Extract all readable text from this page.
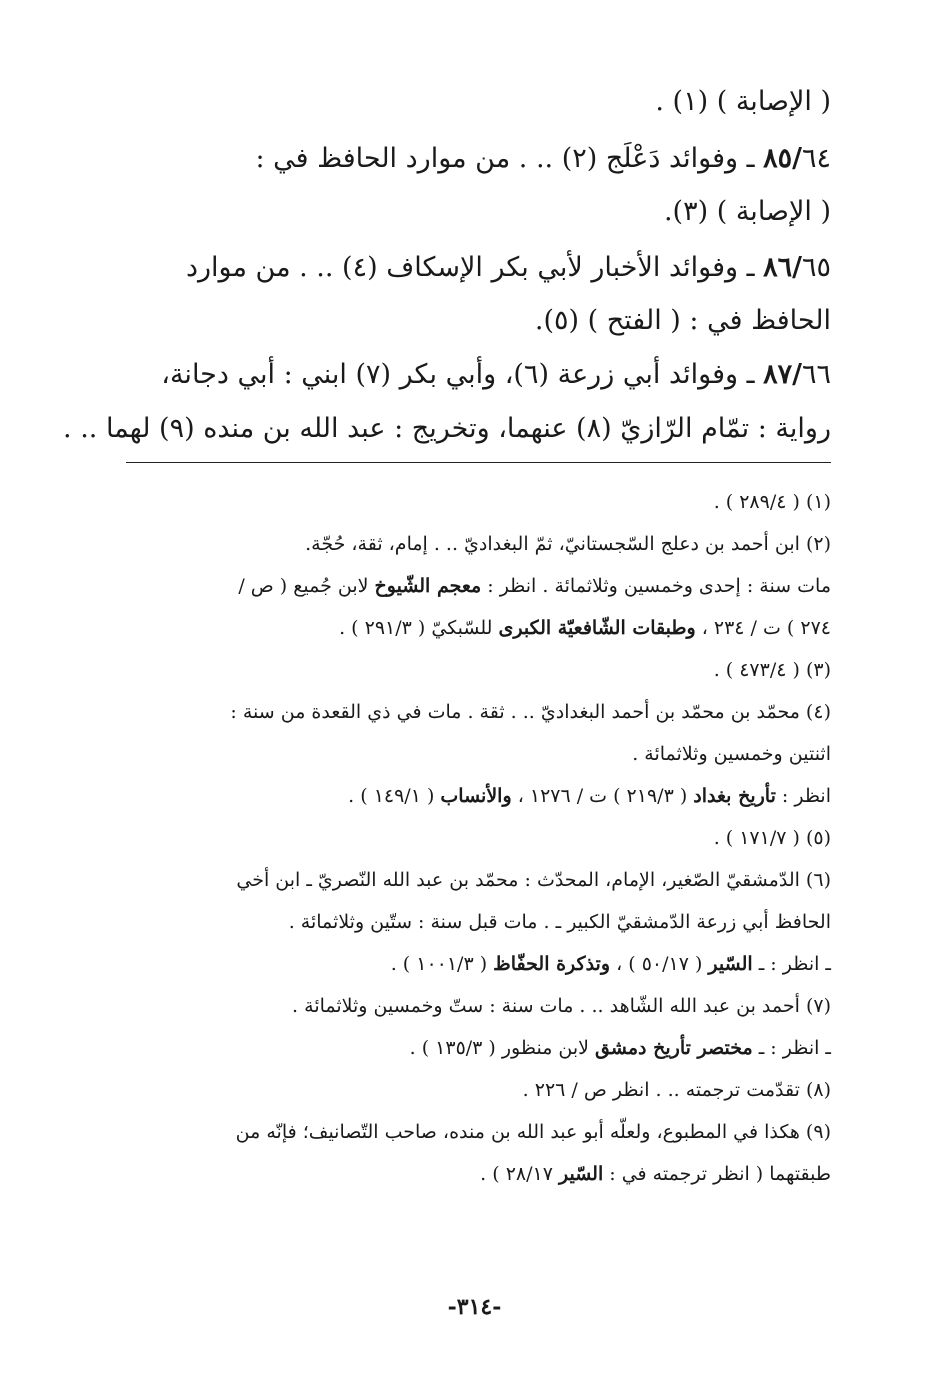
( الإصابة ) (١) .
٨٥/٦٤ ـ وفوائد دَعْلَج (٢) .. . من موارد الحافظ في :
( الإصابة ) (٣).
٨٦/٦٥ ـ وفوائد الأخبار لأبي بكر الإسكاف (٤) .. . من موارد
الحافظ في : ( الفتح ) (٥).
٨٧/٦٦ ـ وفوائد أبي زرعة (٦)، وأبي بكر (٧) ابني : أبي دجانة،
رواية : تمّام الرّازيّ (٨) عنهما، وتخريج : عبد الله بن منده (٩) لهما .. .
(١) ( ٢٨٩/٤ ) .
(٢) ابن أحمد بن دعلج السّجستانيّ، ثمّ البغداديّ .. . إمام، ثقة، حُجّة.
مات سنة : إحدى وخمسين وثلاثمائة . انظر : معجم الشّيوخ لابن جُميع ( ص /
٢٧٤ ) ت / ٢٣٤ ، وطبقات الشّافعيّة الكبرى للسّبكيّ ( ٢٩١/٣ ) .
(٣) ( ٤٧٣/٤ ) .
(٤) محمّد بن محمّد بن أحمد البغداديّ .. . ثقة . مات في ذي القعدة من سنة :
اثنتين وخمسين وثلاثمائة .
انظر : تأريخ بغداد ( ٢١٩/٣ ) ت / ١٢٧٦ ، والأنساب ( ١٤٩/١ ) .
(٥) ( ١٧١/٧ ) .
(٦) الدّمشقيّ الصّغير، الإمام، المحدّث : محمّد بن عبد الله النّصريّ ـ ابن أخي
الحافظ أبي زرعة الدّمشقيّ الكبير ـ . مات قبل سنة : ستّين وثلاثمائة .
ـ انظر : ـ السّير ( ٥٠/١٧ ) ، وتذكرة الحفّاظ ( ١٠٠١/٣ ) .
(٧) أحمد بن عبد الله الشّاهد .. . مات سنة : ستّ وخمسين وثلاثمائة .
ـ انظر : ـ مختصر تأريخ دمشق لابن منظور ( ١٣٥/٣ ) .
(٨) تقدّمت ترجمته .. . انظر ص / ٢٢٦ .
(٩) هكذا في المطبوع، ولعلّه أبو عبد الله بن منده، صاحب التّصانيف؛ فإنّه من
طبقتهما ( انظر ترجمته في : السّير ٢٨/١٧ ) .
-٣١٤-
